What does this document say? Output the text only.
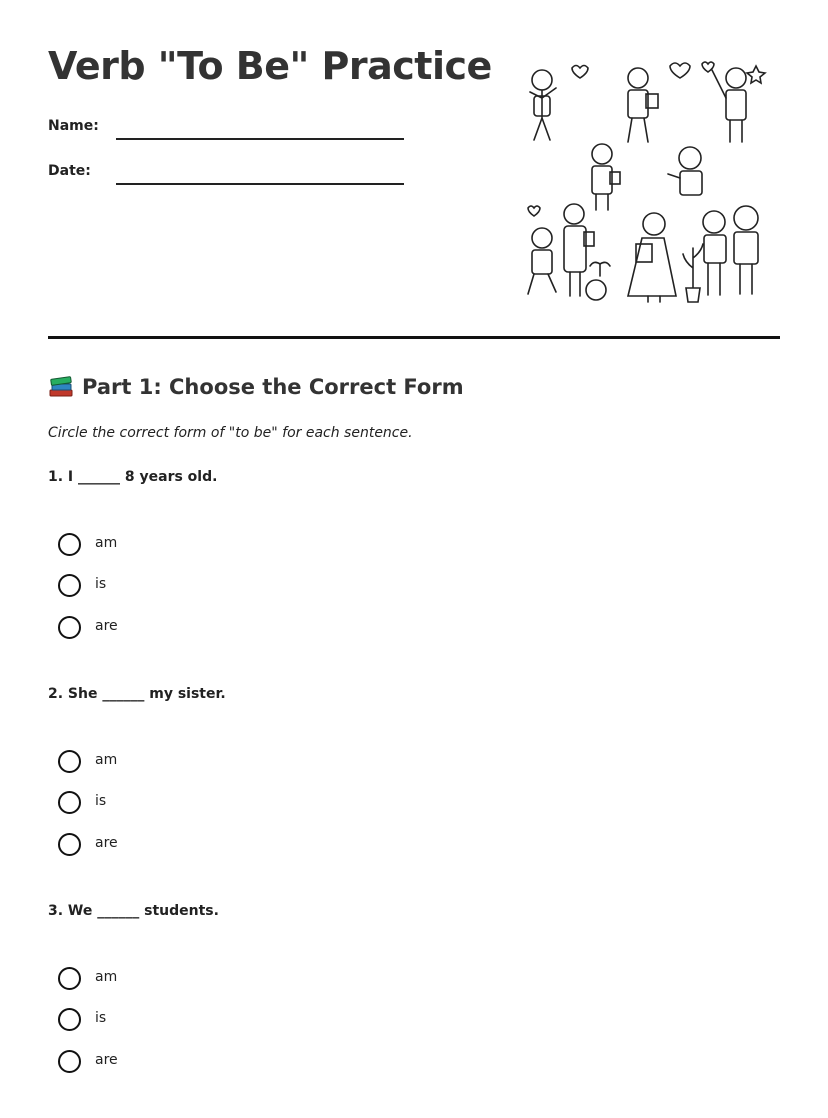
Verb "To Be" Practice
Name:
Date:
Part 1: Choose the Correct Form
Circle the correct form of "to be" for each sentence.
1. I ______ 8 years old.
am
is
are
2. She ______ my sister.
am
is
are
3. We ______ students.
am
is
are
